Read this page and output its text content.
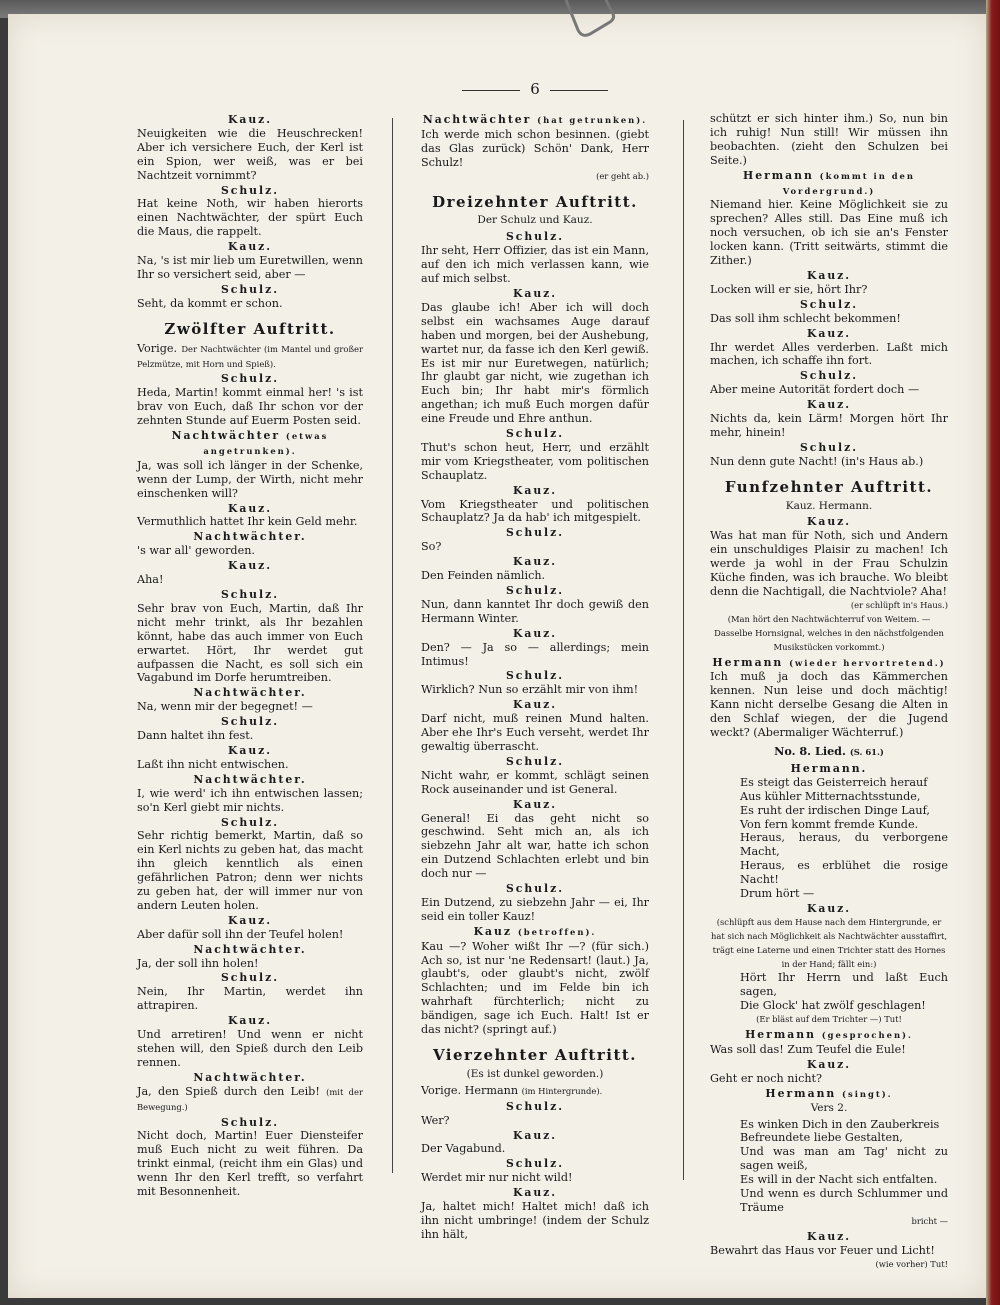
6

Kauz.

Neuigkeiten wie die Heuschrecken! Aber ich versichere Euch, der Kerl ist ein Spion, wer weiß, was er bei Nachtzeit vornimmt?

Schulz.

Hat keine Noth, wir haben hierorts einen Nachtwächter, der spürt Euch die Maus, die rappelt.

Kauz.

Na, 's ist mir lieb um Euretwillen, wenn Ihr so versichert seid, aber —

Schulz.

Seht, da kommt er schon.

Zwölfter Auftritt.

Vorige. Der Nachtwächter (im Mantel und großer Pelzmütze, mit Horn und Spieß).

Schulz.

Heda, Martin! kommt einmal her! 's ist brav von Euch, daß Ihr schon vor der zehnten Stunde auf Euerm Posten seid.

Nachtwächter (etwas angetrunken).

Ja, was soll ich länger in der Schenke, wenn der Lump, der Wirth, nicht mehr einschenken will?

Kauz.

Vermuthlich hattet Ihr kein Geld mehr.

Nachtwächter.

's war all' geworden.

Kauz.

Aha!

Schulz.

Sehr brav von Euch, Martin, daß Ihr nicht mehr trinkt, als Ihr bezahlen könnt, habe das auch immer von Euch erwartet. Hört, Ihr werdet gut aufpassen die Nacht, es soll sich ein Vagabund im Dorfe herumtreiben.

Nachtwächter.

Na, wenn mir der begegnet! —

Schulz.

Dann haltet ihn fest.

Kauz.

Laßt ihn nicht entwischen.

Nachtwächter.

I, wie werd' ich ihn entwischen lassen; so'n Kerl giebt mir nichts.

Schulz.

Sehr richtig bemerkt, Martin, daß so ein Kerl nichts zu geben hat, das macht ihn gleich kenntlich als einen gefährlichen Patron; denn wer nichts zu geben hat, der will immer nur von andern Leuten holen.

Kauz.

Aber dafür soll ihn der Teufel holen!

Nachtwächter.

Ja, der soll ihn holen!

Schulz.

Nein, Ihr Martin, werdet ihn attrapiren.

Kauz.

Und arretiren! Und wenn er nicht stehen will, den Spieß durch den Leib rennen.

Nachtwächter.

Ja, den Spieß durch den Leib! (mit der Bewegung.)

Schulz.

Nicht doch, Martin! Euer Diensteifer muß Euch nicht zu weit führen. Da trinkt einmal, (reicht ihm ein Glas) und wenn Ihr den Kerl trefft, so verfahrt mit Besonnenheit.

Nachtwächter (hat getrunken).

Ich werde mich schon besinnen. (giebt das Glas zurück) Schön' Dank, Herr Schulz!

(er geht ab.)

Dreizehnter Auftritt.

Der Schulz und Kauz.

Schulz.

Ihr seht, Herr Offizier, das ist ein Mann, auf den ich mich verlassen kann, wie auf mich selbst.

Kauz.

Das glaube ich! Aber ich will doch selbst ein wachsames Auge darauf haben und morgen, bei der Aushebung, wartet nur, da fasse ich den Kerl gewiß. Es ist mir nur Euretwegen, natürlich; Ihr glaubt gar nicht, wie zugethan ich Euch bin; Ihr habt mir's förmlich angethan; ich muß Euch morgen dafür eine Freude und Ehre anthun.

Schulz.

Thut's schon heut, Herr, und erzählt mir vom Kriegstheater, vom politischen Schauplatz.

Kauz.

Vom Kriegstheater und politischen Schauplatz? Ja da hab' ich mitgespielt.

Schulz.

So?

Kauz.

Den Feinden nämlich.

Schulz.

Nun, dann kanntet Ihr doch gewiß den Hermann Winter.

Kauz.

Den? — Ja so — allerdings; mein Intimus!

Schulz.

Wirklich? Nun so erzählt mir von ihm!

Kauz.

Darf nicht, muß reinen Mund halten. Aber ehe Ihr's Euch verseht, werdet Ihr gewaltig überrascht.

Schulz.

Nicht wahr, er kommt, schlägt seinen Rock auseinander und ist General.

Kauz.

General! Ei das geht nicht so geschwind. Seht mich an, als ich siebzehn Jahr alt war, hatte ich schon ein Dutzend Schlachten erlebt und bin doch nur —

Schulz.

Ein Dutzend, zu siebzehn Jahr — ei, Ihr seid ein toller Kauz!

Kauz (betroffen).

Kau —? Woher wißt Ihr —? (für sich.) Ach so, ist nur 'ne Redensart! (laut.) Ja, glaubt's, oder glaubt's nicht, zwölf Schlachten; und im Felde bin ich wahrhaft fürchterlich; nicht zu bändigen, sage ich Euch. Halt! Ist er das nicht? (springt auf.)

Vierzehnter Auftritt.

(Es ist dunkel geworden.)

Vorige. Hermann (im Hintergrunde).

Schulz.

Wer?

Kauz.

Der Vagabund.

Schulz.

Werdet mir nur nicht wild!

Kauz.

Ja, haltet mich! Haltet mich! daß ich ihn nicht umbringe! (indem der Schulz ihn hält,

schützt er sich hinter ihm.) So, nun bin ich ruhig! Nun still! Wir müssen ihn beobachten. (zieht den Schulzen bei Seite.)

Hermann (kommt in den Vordergrund.)

Niemand hier. Keine Möglichkeit sie zu sprechen? Alles still. Das Eine muß ich noch versuchen, ob ich sie an's Fenster locken kann. (Tritt seitwärts, stimmt die Zither.)

Kauz.

Locken will er sie, hört Ihr?

Schulz.

Das soll ihm schlecht bekommen!

Kauz.

Ihr werdet Alles verderben. Laßt mich machen, ich schaffe ihn fort.

Schulz.

Aber meine Autorität fordert doch —

Kauz.

Nichts da, kein Lärm! Morgen hört Ihr mehr, hinein!

Schulz.

Nun denn gute Nacht! (in's Haus ab.)

Funfzehnter Auftritt.

Kauz. Hermann.

Kauz.

Was hat man für Noth, sich und Andern ein unschuldiges Plaisir zu machen! Ich werde ja wohl in der Frau Schulzin Küche finden, was ich brauche. Wo bleibt denn die Nachtigall, die Nachtviole? Aha!

(er schlüpft in's Haus.)

(Man hört den Nachtwächterruf von Weitem. — Dasselbe Hornsignal, welches in den nächstfolgenden Musikstücken vorkommt.)

Hermann (wieder hervortretend.)

Ich muß ja doch das Kämmerchen kennen. Nun leise und doch mächtig! Kann nicht derselbe Gesang die Alten in den Schlaf wiegen, der die Jugend weckt? (Abermaliger Wächterruf.)

No. 8. Lied. (S. 61.)

Hermann.

Es steigt das Geisterreich herauf

Aus kühler Mitternachtsstunde,

Es ruht der irdischen Dinge Lauf,

Von fern kommt fremde Kunde.

Heraus, heraus, du verborgene Macht,

Heraus, es erblühet die rosige Nacht!

Drum hört —

Kauz.

(schlüpft aus dem Hause nach dem Hintergrunde, er hat sich nach Möglichkeit als Nachtwächter ausstaffirt, trägt eine Laterne und einen Trichter statt des Hornes in der Hand; fällt ein:)

Hört Ihr Herrn und laßt Euch sagen,

Die Glock' hat zwölf geschlagen!

(Er bläst auf dem Trichter —) Tut!

Hermann (gesprochen).

Was soll das! Zum Teufel die Eule!

Kauz.

Geht er noch nicht?

Hermann (singt).

Vers 2.

Es winken Dich in den Zauberkreis

Befreundete liebe Gestalten,

Und was man am Tag' nicht zu sagen weiß,

Es will in der Nacht sich entfalten.

Und wenn es durch Schlummer und Träume

bricht —

Kauz.

Bewahrt das Haus vor Feuer und Licht!

(wie vorher) Tut!
